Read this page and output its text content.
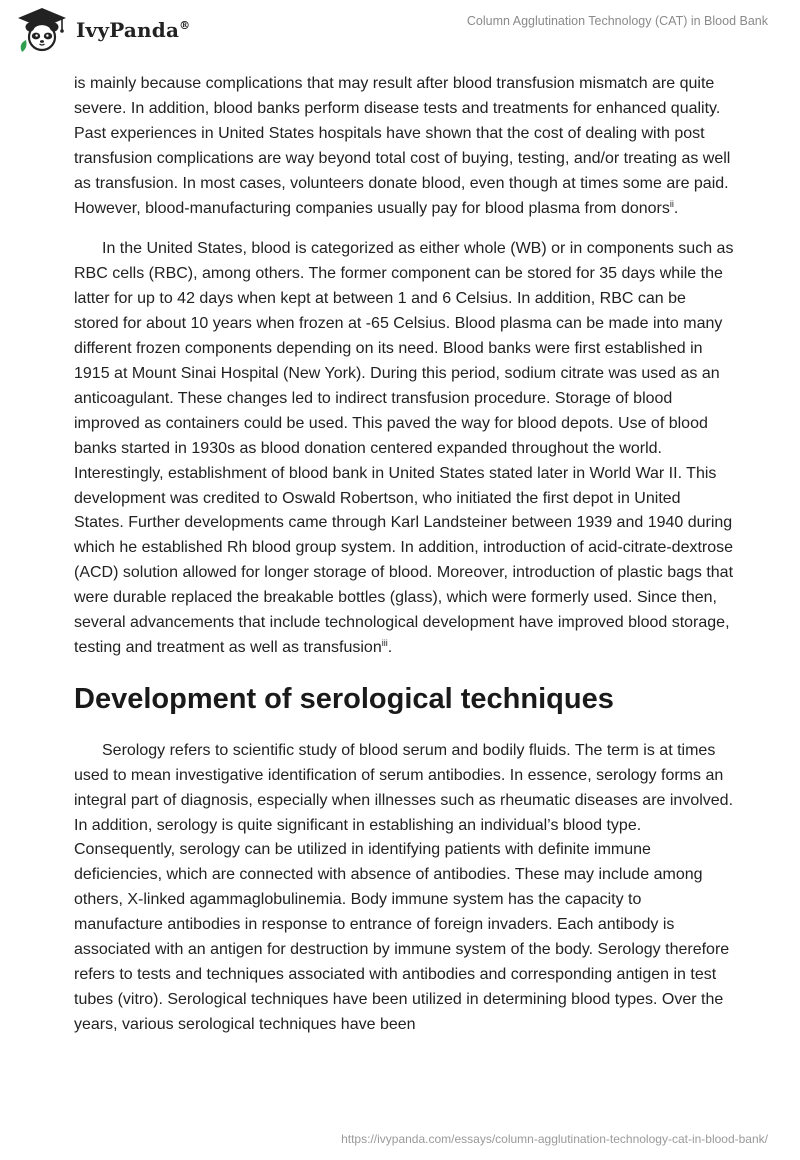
IvyPanda®	Column Agglutination Technology (CAT) in Blood Bank

is mainly because complications that may result after blood transfusion mismatch are quite severe. In addition, blood banks perform disease tests and treatments for enhanced quality. Past experiences in United States hospitals have shown that the cost of dealing with post transfusion complications are way beyond total cost of buying, testing, and/or treating as well as transfusion. In most cases, volunteers donate blood, even though at times some are paid. However, blood-manufacturing companies usually pay for blood plasma from donors$^{ii}$.

In the United States, blood is categorized as either whole (WB) or in components such as RBC cells (RBC), among others. The former component can be stored for 35 days while the latter for up to 42 days when kept at between 1 and 6 Celsius. In addition, RBC can be stored for about 10 years when frozen at -65 Celsius. Blood plasma can be made into many different frozen components depending on its need. Blood banks were first established in 1915 at Mount Sinai Hospital (New York). During this period, sodium citrate was used as an anticoagulant. These changes led to indirect transfusion procedure. Storage of blood improved as containers could be used. This paved the way for blood depots. Use of blood banks started in 1930s as blood donation centered expanded throughout the world. Interestingly, establishment of blood bank in United States stated later in World War II. This development was credited to Oswald Robertson, who initiated the first depot in United States. Further developments came through Karl Landsteiner between 1939 and 1940 during which he established Rh blood group system. In addition, introduction of acid-citrate-dextrose (ACD) solution allowed for longer storage of blood. Moreover, introduction of plastic bags that were durable replaced the breakable bottles (glass), which were formerly used. Since then, several advancements that include technological development have improved blood storage, testing and treatment as well as transfusion$^{iii}$.

Development of serological techniques

Serology refers to scientific study of blood serum and bodily fluids. The term is at times used to mean investigative identification of serum antibodies. In essence, serology forms an integral part of diagnosis, especially when illnesses such as rheumatic diseases are involved. In addition, serology is quite significant in establishing an individual’s blood type. Consequently, serology can be utilized in identifying patients with definite immune deficiencies, which are connected with absence of antibodies. These may include among others, X-linked agammaglobulinemia. Body immune system has the capacity to manufacture antibodies in response to entrance of foreign invaders. Each antibody is associated with an antigen for destruction by immune system of the body. Serology therefore refers to tests and techniques associated with antibodies and corresponding antigen in test tubes (vitro). Serological techniques have been utilized in determining blood types. Over the years, various serological techniques have been

https://ivypanda.com/essays/column-agglutination-technology-cat-in-blood-bank/
